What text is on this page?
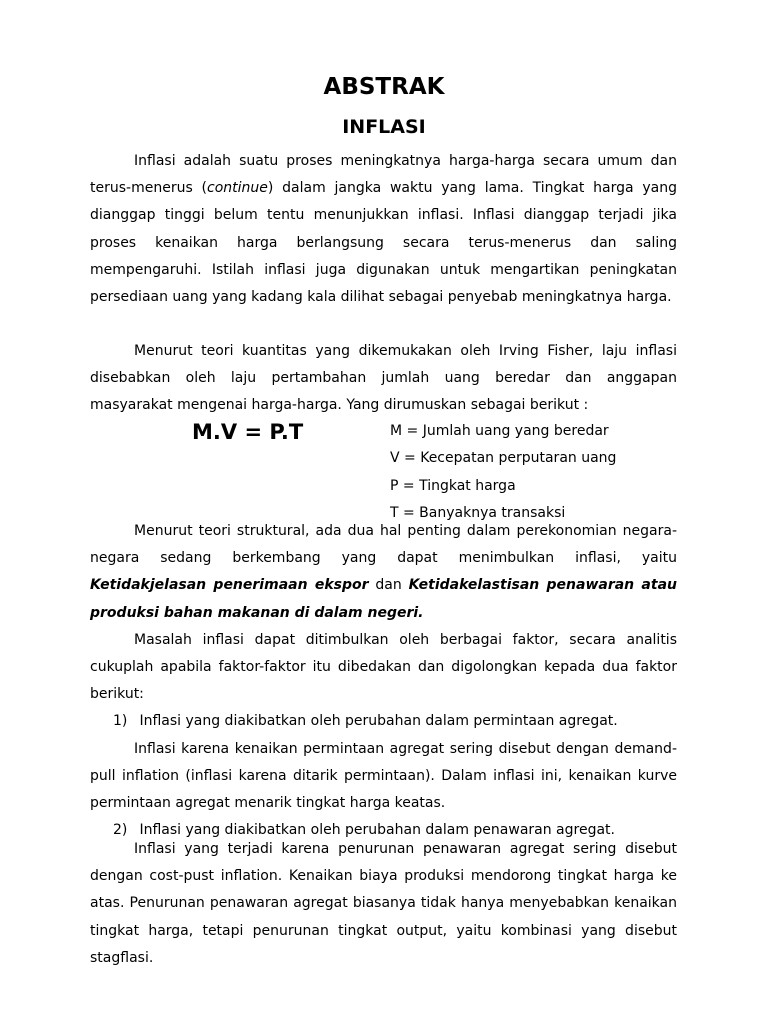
ABSTRAK
INFLASI

Inflasi adalah suatu proses meningkatnya harga-harga secara umum dan terus-menerus (continue) dalam jangka waktu yang lama. Tingkat harga yang dianggap tinggi belum tentu menunjukkan inflasi. Inflasi dianggap terjadi jika proses kenaikan harga berlangsung secara terus-menerus dan saling mempengaruhi. Istilah inflasi juga digunakan untuk mengartikan peningkatan persediaan uang yang kadang kala dilihat sebagai penyebab meningkatnya harga.

Menurut teori kuantitas yang dikemukakan oleh Irving Fisher, laju inflasi disebabkan oleh laju pertambahan jumlah uang beredar dan anggapan masyarakat mengenai harga-harga. Yang dirumuskan sebagai berikut :

M.V = P.T	M = Jumlah uang yang beredar
V = Kecepatan perputaran uang
P = Tingkat harga
T = Banyaknya transaksi

Menurut teori struktural, ada dua hal penting dalam perekonomian negara-negara sedang berkembang yang dapat menimbulkan inflasi, yaitu Ketidakjelasan penerimaan ekspor dan Ketidakelastisan penawaran atau produksi bahan makanan di dalam negeri.

Masalah inflasi dapat ditimbulkan oleh berbagai faktor, secara analitis cukuplah apabila faktor-faktor itu dibedakan dan digolongkan kepada dua faktor berikut:

1) Inflasi yang diakibatkan oleh perubahan dalam permintaan agregat.

Inflasi karena kenaikan permintaan agregat sering disebut dengan demand-pull inflation (inflasi karena ditarik permintaan). Dalam inflasi ini, kenaikan kurve permintaan agregat menarik tingkat harga keatas.

2) Inflasi yang diakibatkan oleh perubahan dalam penawaran agregat.

Inflasi yang terjadi karena penurunan penawaran agregat sering disebut dengan cost-pust inflation. Kenaikan biaya produksi mendorong tingkat harga ke atas. Penurunan penawaran agregat biasanya tidak hanya menyebabkan kenaikan tingkat harga, tetapi penurunan tingkat output, yaitu kombinasi yang disebut stagflasi.
